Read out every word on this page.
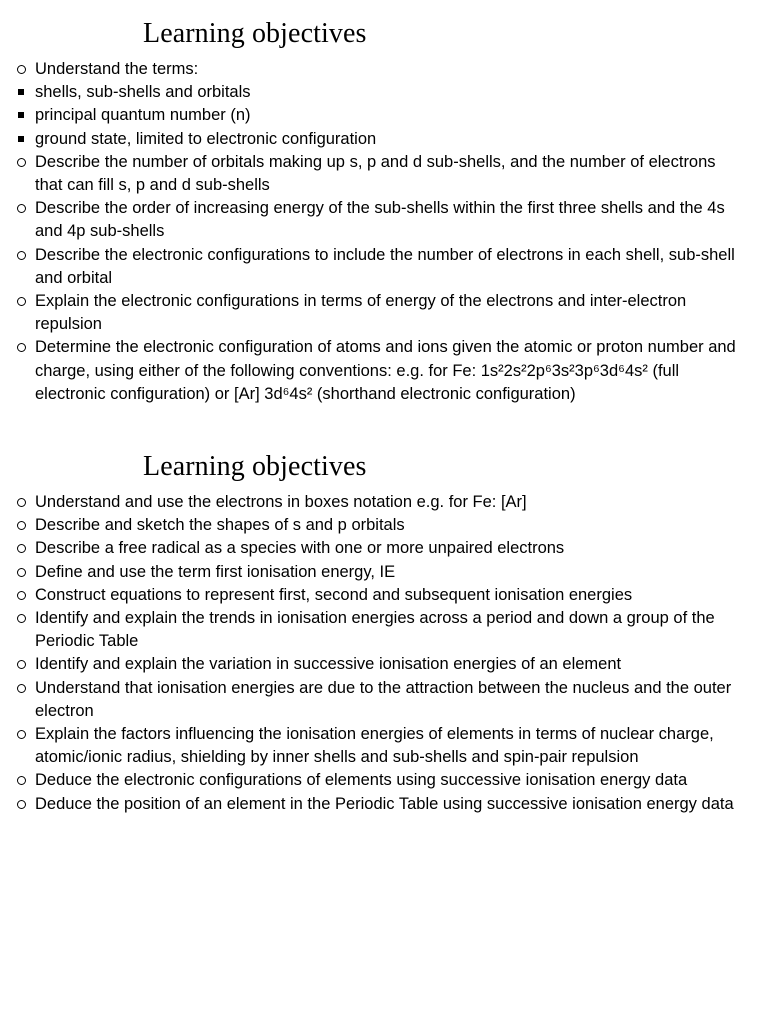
Learning objectives
Understand the terms:
shells, sub-shells and orbitals
principal quantum number (n)
ground state, limited to electronic configuration
Describe the number of orbitals making up s, p and d sub-shells, and the number of electrons that can fill s, p and d sub-shells
Describe the order of increasing energy of the sub-shells within the first three shells and the 4s and 4p sub-shells
Describe the electronic configurations to include the number of electrons in each shell, sub-shell and orbital
Explain the electronic configurations in terms of energy of the electrons and inter-electron repulsion
Determine the electronic configuration of atoms and ions given the atomic or proton number and charge, using either of the following conventions: e.g. for Fe: 1s²2s²2p⁶3s²3p⁶3d⁶4s² (full electronic configuration) or [Ar] 3d⁶4s² (shorthand electronic configuration)
Learning objectives
Understand and use the electrons in boxes notation e.g. for Fe: [Ar]
Describe and sketch the shapes of s and p orbitals
Describe a free radical as a species with one or more unpaired electrons
Define and use the term first ionisation energy, IE
Construct equations to represent first, second and subsequent ionisation energies
Identify and explain the trends in ionisation energies across a period and down a group of the Periodic Table
Identify and explain the variation in successive ionisation energies of an element
Understand that ionisation energies are due to the attraction between the nucleus and the outer electron
Explain the factors influencing the ionisation energies of elements in terms of nuclear charge, atomic/ionic radius, shielding by inner shells and sub-shells and spin-pair repulsion
Deduce the electronic configurations of elements using successive ionisation energy data
Deduce the position of an element in the Periodic Table using successive ionisation energy data
